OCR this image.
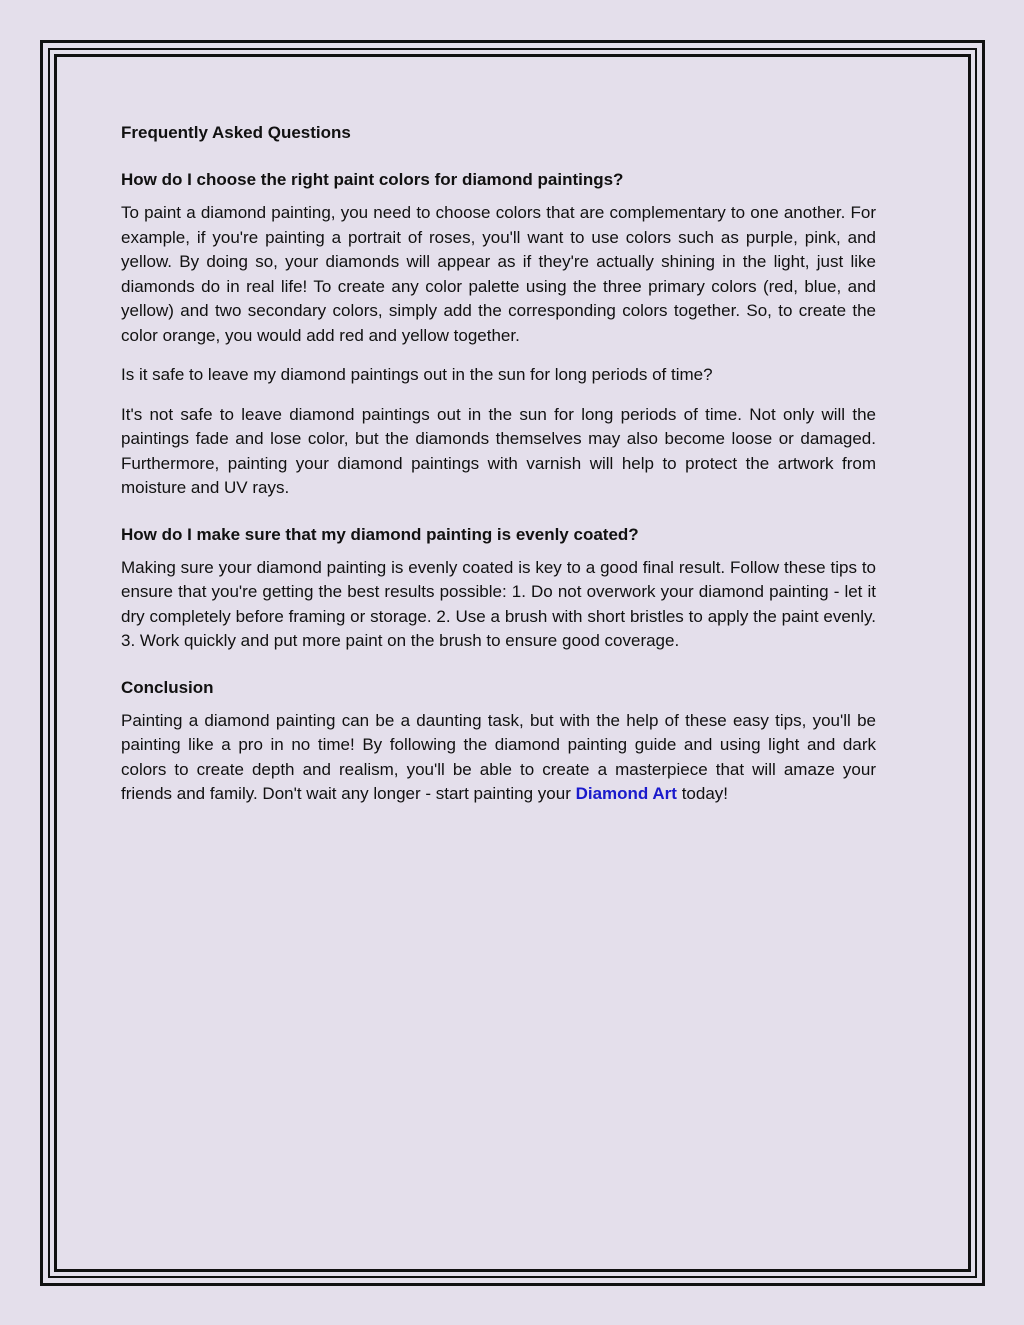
Frequently Asked Questions

How do I choose the right paint colors for diamond paintings?

To paint a diamond painting, you need to choose colors that are complementary to one another. For example, if you're painting a portrait of roses, you'll want to use colors such as purple, pink, and yellow. By doing so, your diamonds will appear as if they're actually shining in the light, just like diamonds do in real life! To create any color palette using the three primary colors (red, blue, and yellow) and two secondary colors, simply add the corresponding colors together. So, to create the color orange, you would add red and yellow together.

Is it safe to leave my diamond paintings out in the sun for long periods of time?

It's not safe to leave diamond paintings out in the sun for long periods of time. Not only will the paintings fade and lose color, but the diamonds themselves may also become loose or damaged. Furthermore, painting your diamond paintings with varnish will help to protect the artwork from moisture and UV rays.

How do I make sure that my diamond painting is evenly coated?

Making sure your diamond painting is evenly coated is key to a good final result. Follow these tips to ensure that you're getting the best results possible: 1. Do not overwork your diamond painting - let it dry completely before framing or storage. 2. Use a brush with short bristles to apply the paint evenly. 3. Work quickly and put more paint on the brush to ensure good coverage.

Conclusion

Painting a diamond painting can be a daunting task, but with the help of these easy tips, you'll be painting like a pro in no time! By following the diamond painting guide and using light and dark colors to create depth and realism, you'll be able to create a masterpiece that will amaze your friends and family. Don't wait any longer - start painting your Diamond Art today!
